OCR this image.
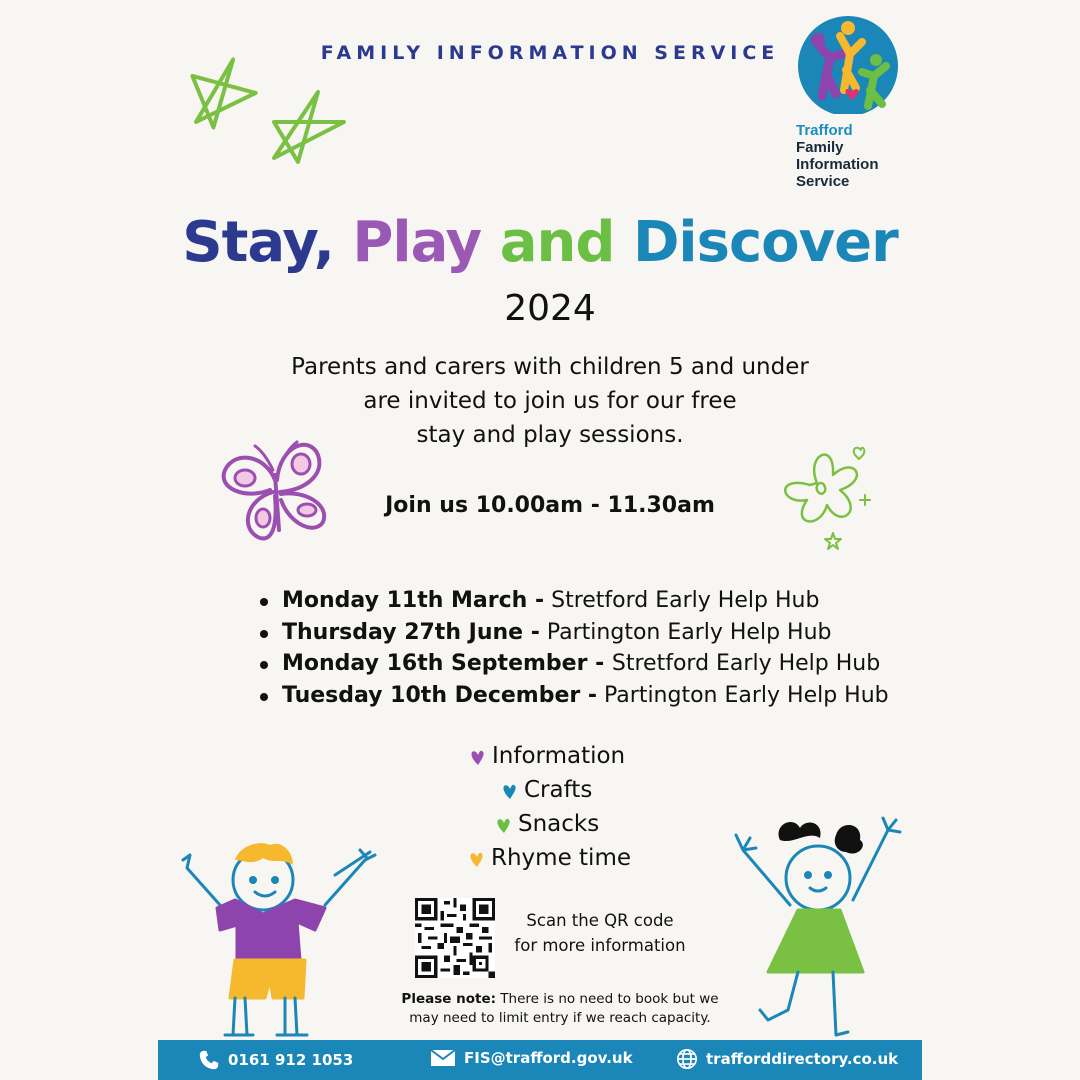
FAMILY INFORMATION SERVICE
Trafford
Family
Information
Service
Stay, Play and Discover
2024
Parents and carers with children 5 and under
are invited to join us for our free
stay and play sessions.
Join us 10.00am - 11.30am
Monday 11th March - Stretford Early Help Hub
Thursday 27th June - Partington Early Help Hub
Monday 16th September - Stretford Early Help Hub
Tuesday 10th December - Partington Early Help Hub
Information
Crafts
Snacks
Rhyme time
Scan the QR code
for more information
Please note: There is no need to book but we may need to limit entry if we reach capacity.
0161 912 1053	FIS@trafford.gov.uk	trafforddirectory.co.uk
